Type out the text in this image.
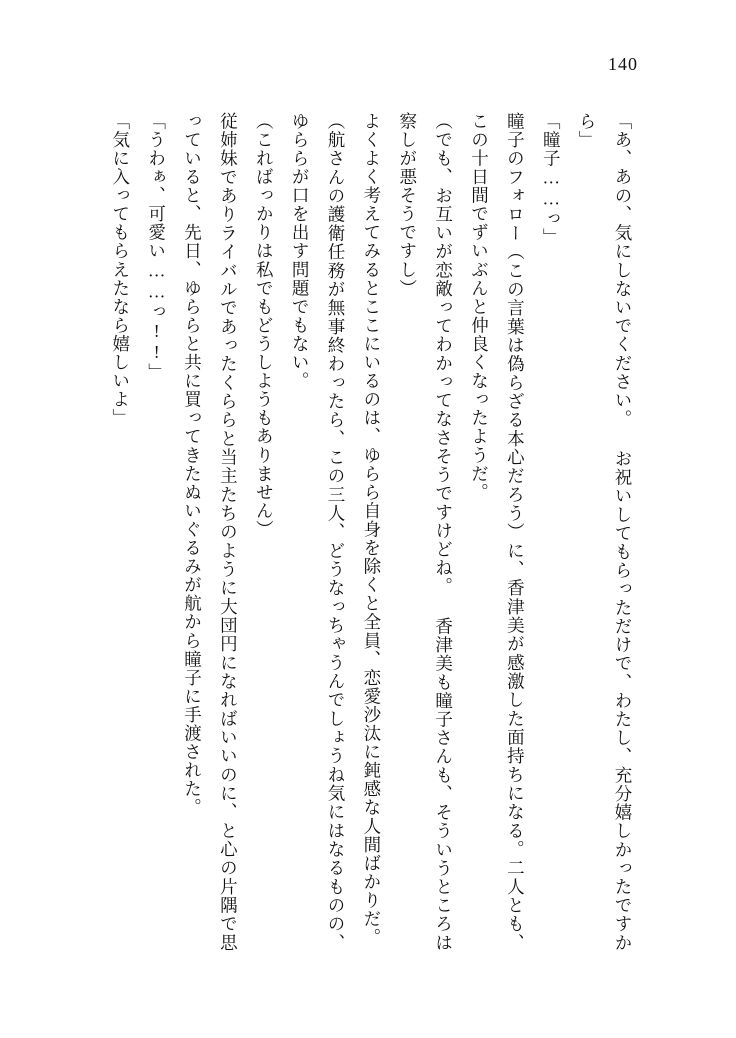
140

「あ、あの、気にしないでください。 お祝いしてもらっただけで、わたし、充分嬉しかったですから」

「瞳子……っ」

瞳子のフォロー（この言葉は偽らざる本心だろう）に、香津美が感激した面持ちになる。二人とも、この十日間でずいぶんと仲良くなったようだ。

（でも、お互いが恋敵ってわかってなさそうですけどね。 香津美も瞳子さんも、そういうところは察しが悪そうですし）

よくよく考えてみるとここにいるのは、ゆらら自身を除くと全員、恋愛沙汰に鈍感な人間ばかりだ。

（航さんの護衛任務が無事終わったら、この三人、どうなっちゃうんでしょうね気にはなるものの、ゆららが口を出す問題でもない。

（こればっかりは私でもどうしようもありません）

従姉妹でありライバルであったくららと当主たちのように大団円になればいいのに、と心の片隅で思っていると、先日、ゆららと共に買ってきたぬいぐるみが航から瞳子に手渡された。

「うわぁ、可愛い……っ!!」

「気に入ってもらえたなら嬉しいよ」
